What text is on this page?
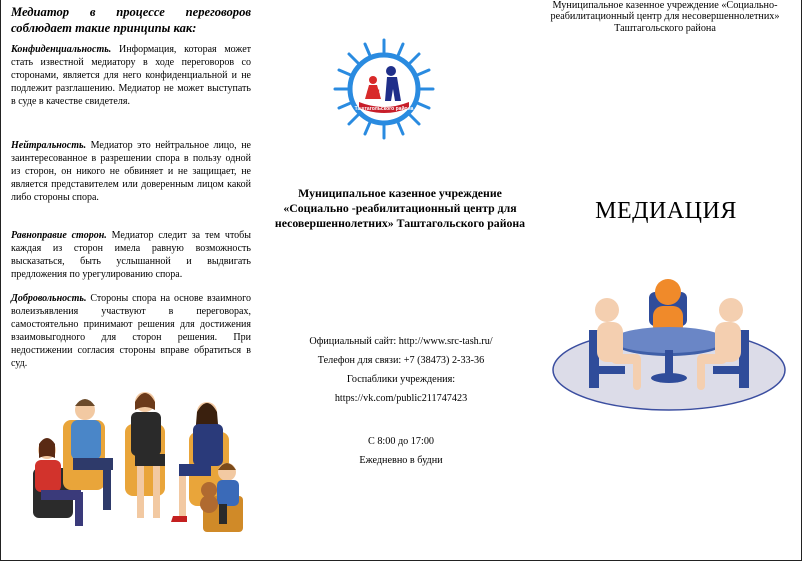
Медиатор в процессе переговоров соблюдает такие принципы как:

Конфиденциальность. Информация, которая может стать известной медиатору в ходе переговоров со сторонами, является для него конфиденциальной и не подлежит разглашению. Медиатор не может выступать в суде в качестве свидетеля.

Нейтральность. Медиатор это нейтральное лицо, не заинтересованное в разрешении спора в пользу одной из сторон, он никого не обвиняет и не защищает, не является представителем или доверенным лицом какой либо стороны спора.

Равноправие сторон. Медиатор следит за тем чтобы каждая из сторон имела равную возможность высказаться, быть услышанной и выдвигать предложения по урегулированию спора.

Добровольность. Стороны спора на основе взаимного волеизъявления участвуют в переговорах, самостоятельно принимают решения для достижения взаимовыгодного для сторон решения. При недостижении согласия стороны вправе обратиться в суд.

СРЦ
Таштагольского района

Муниципальное казенное учреждение «Социально -реабилитационный центр для несовершеннолетних» Таштагольского района

Официальный сайт: http://www.src-tash.ru/

Телефон для связи: +7 (38473) 2-33-36

Госпаблики учреждения:

https://vk.com/public211747423

С 8:00 до 17:00

Ежедневно в будни

Муниципальное казенное учреждение «Социально-реабилитационный центр для несовершеннолетних» Таштагольского района

МЕДИАЦИЯ
